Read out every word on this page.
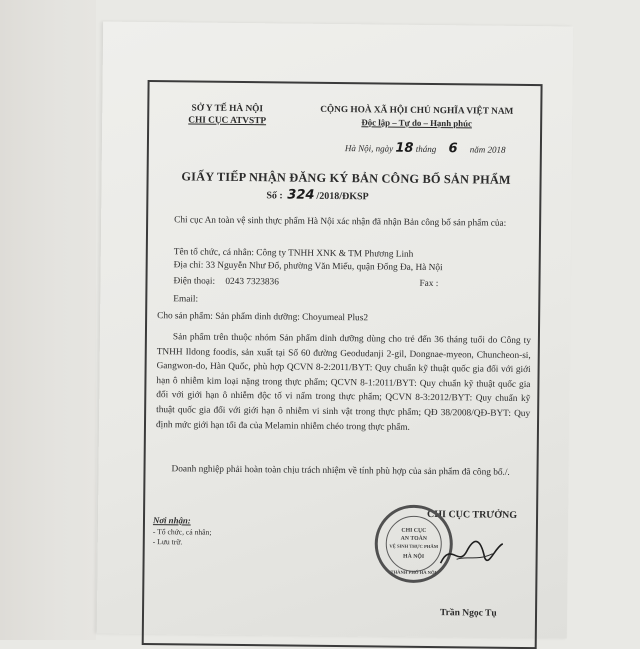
SỞ Y TẾ HÀ NỘI
CHI CỤC ATVSTP
CỘNG HOÀ XÃ HỘI CHỦ NGHĨA VIỆT NAM
Độc lập – Tự do – Hạnh phúc
Hà Nội, ngày 18 tháng 6 năm 2018
GIẤY TIẾP NHẬN ĐĂNG KÝ BẢN CÔNG BỐ SẢN PHẨM
Số : 324 /2018/ĐKSP
Chi cục An toàn vệ sinh thực phẩm Hà Nội xác nhận đã nhận Bản công bố sản phẩm của:
Tên tổ chức, cá nhân: Công ty TNHH XNK & TM Phương Linh
Địa chỉ: 33 Nguyễn Như Đổ, phường Văn Miếu, quận Đống Đa, Hà Nội
Điện thoại: 0243 7323836	Fax :
Email:
Cho sản phẩm: Sản phẩm dinh dưỡng: Choyumeal Plus2
Sản phẩm trên thuộc nhóm Sản phẩm dinh dưỡng dùng cho trẻ đến 36 tháng tuổi do Công ty TNHH Ildong foodis, sản xuất tại Số 60 đường Geodudanji 2-gil, Dongnae-myeon, Chuncheon-si, Gangwon-do, Hàn Quốc, phù hợp QCVN 8-2:2011/BYT: Quy chuẩn kỹ thuật quốc gia đối với giới hạn ô nhiễm kim loại nặng trong thực phẩm; QCVN 8-1:2011/BYT: Quy chuẩn kỹ thuật quốc gia đối với giới hạn ô nhiễm độc tố vi nấm trong thực phẩm; QCVN 8-3:2012/BYT: Quy chuẩn kỹ thuật quốc gia đối với giới hạn ô nhiễm vi sinh vật trong thực phẩm; QĐ 38/2008/QĐ-BYT: Quy định mức giới hạn tối đa của Melamin nhiễm chéo trong thực phẩm.
Doanh nghiệp phải hoàn toàn chịu trách nhiệm về tính phù hợp của sản phẩm đã công bố./.
Nơi nhận:
- Tổ chức, cá nhân;
- Lưu trữ.
CHI CỤC TRƯỞNG
CHI CỤC
AN TOÀN
VỆ SINH THỰC PHẨM
HÀ NỘI
THÀNH PHỐ HÀ NỘI
Trần Ngọc Tụ
